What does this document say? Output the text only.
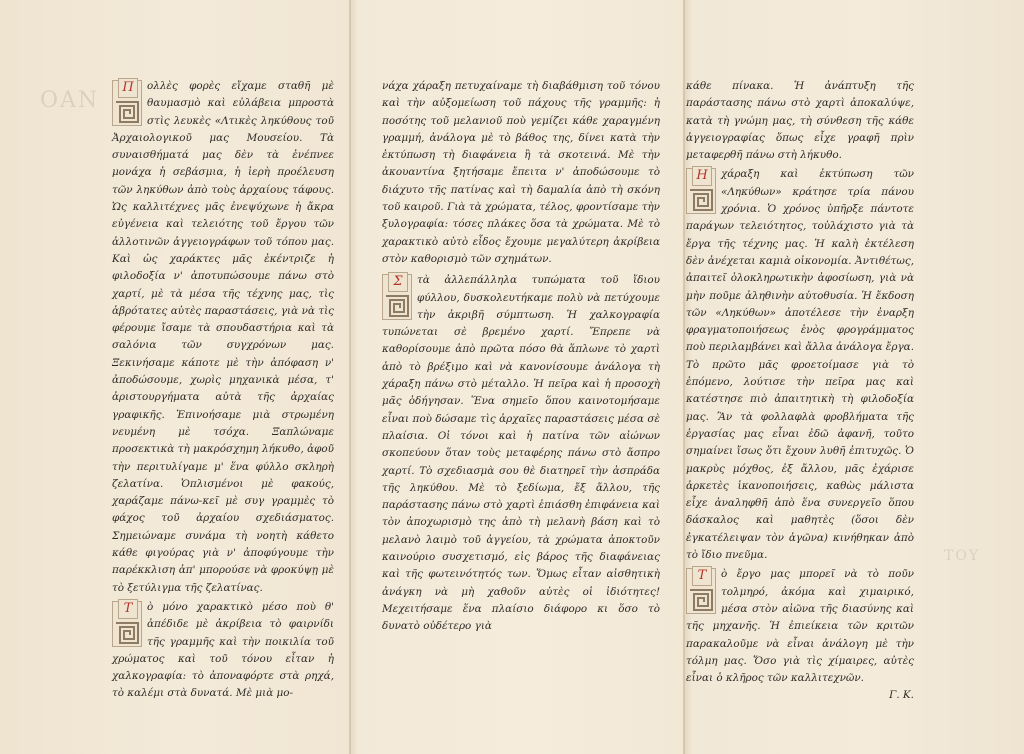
OAN
TOY
Π	ολλὲς φορὲς εἴχαμε σταθῆ μὲ θαυμασμὸ καὶ εὐλάβεια μπροστὰ στὶς λευκὲς «Λτικὲς ληκύθους τοῦ Ἀρχαιολογικοῦ μας Μουσείου. Τὰ συναισθήματά μας δὲν τὰ ἐνέπνεε μονάχα ἡ σεβάσμια, ἡ ἱερὴ προέλευση τῶν ληκύθων ἀπὸ τοὺς ἀρχαίους τάφους. Ὡς καλλιτέχνες μᾶς ἐνεψύχωνε ἡ ἄκρα εὐγένεια καὶ τελειότης τοῦ ἔργου τῶν ἀλλοτινῶν ἀγγειογράφων τοῦ τόπου μας. Καὶ ὡς χαράκτες μᾶς ἐκέντριζε ἡ φιλοδοξία ν' ἀποτυπώσουμε πάνω στὸ χαρτί, μὲ τὰ μέσα τῆς τέχνης μας, τὶς ἁβρότατες αὐτὲς παραστάσεις, γιὰ νὰ τὶς φέρουμε ἴσαμε τὰ σπουδαστήρια καὶ τὰ σαλόνια τῶν συγχρόνων μας. Ξεκινήσαμε κάποτε μὲ τὴν ἀπόφαση ν' ἀποδώσουμε, χωρὶς μηχανικὰ μέσα, τ' ἀριστουργήματα αὐτὰ τῆς ἀρχαίας γραφικῆς. Ἐπινοήσαμε μιὰ στρωμένη νευμένη μὲ τσόχα. Ξαπλώναμε προσεκτικὰ τὴ μακρόσχημη λήκυθο, ἀφοῦ τὴν περιτυλίγαμε μ' ἕνα φύλλο σκληρὴ ζελατίνα. Ὁπλισμένοι μὲ φακούς, χαράζαμε πάνω-κεῖ μὲ συγ γραμμὲς τὸ φάχος τοῦ ἀρχαίου σχεδιάσματος. Σημειώναμε συνάμα τὴ νοητὴ κάθετο κάθε φιγούρας γιὰ ν' ἀποφύγουμε τὴν παρέκκλιση ἀπ' μπορούσε νὰ φροκύψῃ μὲ τὸ ξετύλιγμα τῆς ζελατίνας.
Τ	ὸ μόνο χαρακτικὸ μέσο ποὺ θ' ἀπέδιδε μὲ ἀκρίβεια τὸ φαιρνίδι τῆς γραμμῆς καὶ τὴν ποικιλία τοῦ χρώματος καὶ τοῦ τόνου εἶταν ἡ χαλκογραφία: τὸ ἀποναφόρτε στὰ ρηχά, τὸ καλέμι στὰ δυνατά. Μὲ μιὰ μο-
νάχα χάραξη πετυχαίναμε τὴ διαβάθμιση τοῦ τόνου καὶ τὴν αὐξομείωση τοῦ πάχους τῆς γραμμῆς: ἡ ποσότης τοῦ μελανιοῦ ποὺ γεμίζει κάθε χαραγμένη γραμμή, ἀνάλογα μὲ τὸ βάθος της, δίνει κατὰ τὴν ἐκτύπωση τὴ διαφάνεια ἢ τὰ σκοτεινά. Μὲ τὴν ἀκουαντίνα ξητήσαμε ἔπειτα ν' ἀποδώσουμε τὸ διάχυτο τῆς πατίνας καὶ τὴ δαμαλία ἀπὸ τὴ σκόνη τοῦ καιροῦ. Γιὰ τὰ χρώματα, τέλος, φροντίσαμε τὴν ξυλογραφία: τόσες πλάκες ὅσα τὰ χρώματα. Μὲ τὸ χαρακτικὸ αὐτὸ εἶδος ἔχουμε μεγαλύτερη ἀκρίβεια στὸν καθορισμὸ τῶν σχημάτων.
Σ	τὰ ἀλλεπάλληλα τυπώματα τοῦ ἴδιου φύλλου, δυσκολευτήκαμε πολὺ νὰ πετύχουμε τὴν ἀκριβῆ σύμπτωση. Ἡ χαλκογραφία τυπώνεται σὲ βρεμένο χαρτί. Ἔπρεπε νὰ καθορίσουμε ἀπὸ πρῶτα πόσο θὰ ἅπλωνε τὸ χαρτὶ ἀπὸ τὸ βρέξιμο καὶ νὰ κανονίσουμε ἀνάλογα τὴ χάραξη πάνω στὸ μέταλλο. Ἡ πεῖρα καὶ ἡ προσοχὴ μᾶς ὁδήγησαν. Ἕνα σημεῖο ὅπου καινοτομήσαμε εἶναι ποὺ δώσαμε τὶς ἀρχαῖες παραστάσεις μέσα σὲ πλαίσια. Οἱ τόνοι καὶ ἡ πατίνα τῶν αἰώνων σκοπεύουν ὅταν τοὺς μεταφέρης πάνω στὸ ἄσπρο χαρτί. Τὸ σχεδιασμὰ σου θὲ διατηρεῖ τὴν ἀσπράδα τῆς ληκύθου. Μὲ τὸ ξεδίωμα, ἔξ ἄλλου, τῆς παράστασης πάνω στὸ χαρτὶ ἐπιάσθη ἐπιφάνεια καὶ τὸν ἀποχωρισμὸ της ἀπὸ τὴ μελανὴ βάση καὶ τὸ μελανὸ λαιμὸ τοῦ ἀγγείου, τὰ χρώματα ἀποκτοῦν καινούριο συσχετισμό, εἰς βάρος τῆς διαφάνειας καὶ τῆς φωτεινότητός των. Ὅμως εἶταν αἰσθητικὴ ἀνάγκη νὰ μὴ χαθοῦν αὐτὲς οἱ ἰδιότητες! Μεχειτήσαμε ἕνα πλαίσιο διάφορο κι ὅσο τὸ δυνατὸ οὐδέτερο γιὰ
κάθε πίνακα. Ἡ ἀνάπτυξη τῆς παράστασης πάνω στὸ χαρτὶ ἀποκαλύψε, κατὰ τὴ γνώμη μας, τὴ σύνθεση τῆς κάθε ἀγγειογραφίας ὅπως εἶχε γραφῆ πρὶν μεταφερθῆ πάνω στὴ λήκυθο.
Η	χάραξη καὶ ἐκτύπωση τῶν «Ληκύθων» κράτησε τρία πάνου χρόνια. Ὁ χρόνος ὑπῆρξε πάντοτε παράγων τελειότητος, τοὐλάχιστο γιὰ τὰ ἔργα τῆς τέχνης μας. Ἡ καλὴ ἐκτέλεση δὲν ἀνέχεται καμιὰ οἰκονομία. Ἀντιθέτως, ἀπαιτεῖ ὁλοκληρωτικὴν ἀφοσίωση, γιὰ νὰ μὴν ποῦμε ἀληθινὴν αὐτοθυσία. Ἡ ἔκδοση τῶν «Ληκύθων» ἀποτέλεσε τὴν ἐναρξη φραγματοποιήσεως ἑνὸς φρογράμματος ποὺ περιλαμβάνει καὶ ἄλλα ἀνάλογα ἔργα. Τὸ πρῶτο μᾶς φροετοίμασε γιὰ τὸ ἑπόμενο, λούτισε τὴν πεῖρα μας καὶ κατέστησε πιὸ ἀπαιτητικὴ τὴ φιλοδοξία μας. Ἂν τὰ φολλαφλὰ φροβλήματα τῆς ἐργασίας μας εἶναι ἐδῶ ἀφανῆ, τοῦτο σημαίνει ἴσως ὅτι ἔχουν λυθῆ ἐπιτυχῶς. Ὁ μακρὺς μόχθος, ἐξ ἄλλου, μᾶς ἐχάρισε ἀρκετὲς ἱκανοποιήσεις, καθὼς μάλιστα εἶχε ἀναληφθῆ ἀπὸ ἕνα συνεργεῖο ὅπου δάσκαλος καὶ μαθητὲς (ὅσοι δὲν ἐγκατέλειψαν τὸν ἀγῶνα) κινήθηκαν ἀπὸ τὸ ἴδιο πνεῦμα.
Τ	ὸ ἔργο μας μπορεῖ νὰ τὸ ποῦν τολμηρό, ἀκόμα καὶ χιμαιρικό, μέσα στὸν αἰῶνα τῆς διασύνης καὶ τῆς μηχανῆς. Ἡ ἐπιείκεια τῶν κριτῶν παρακαλοῦμε νὰ εἶναι ἀνάλογη μὲ τὴν τόλμη μας. Ὅσο γιὰ τὶς χίμαιρες, αὐτὲς εἶναι ὁ κλῆρος τῶν καλλιτεχνῶν.
Γ. Κ.
